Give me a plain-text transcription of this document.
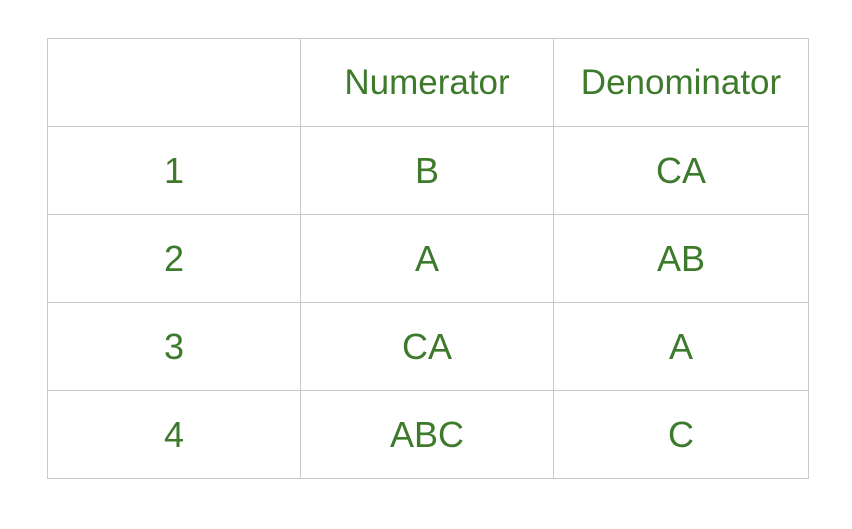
	Numerator	Denominator
1	B	CA
2	A	AB
3	CA	A
4	ABC	C
